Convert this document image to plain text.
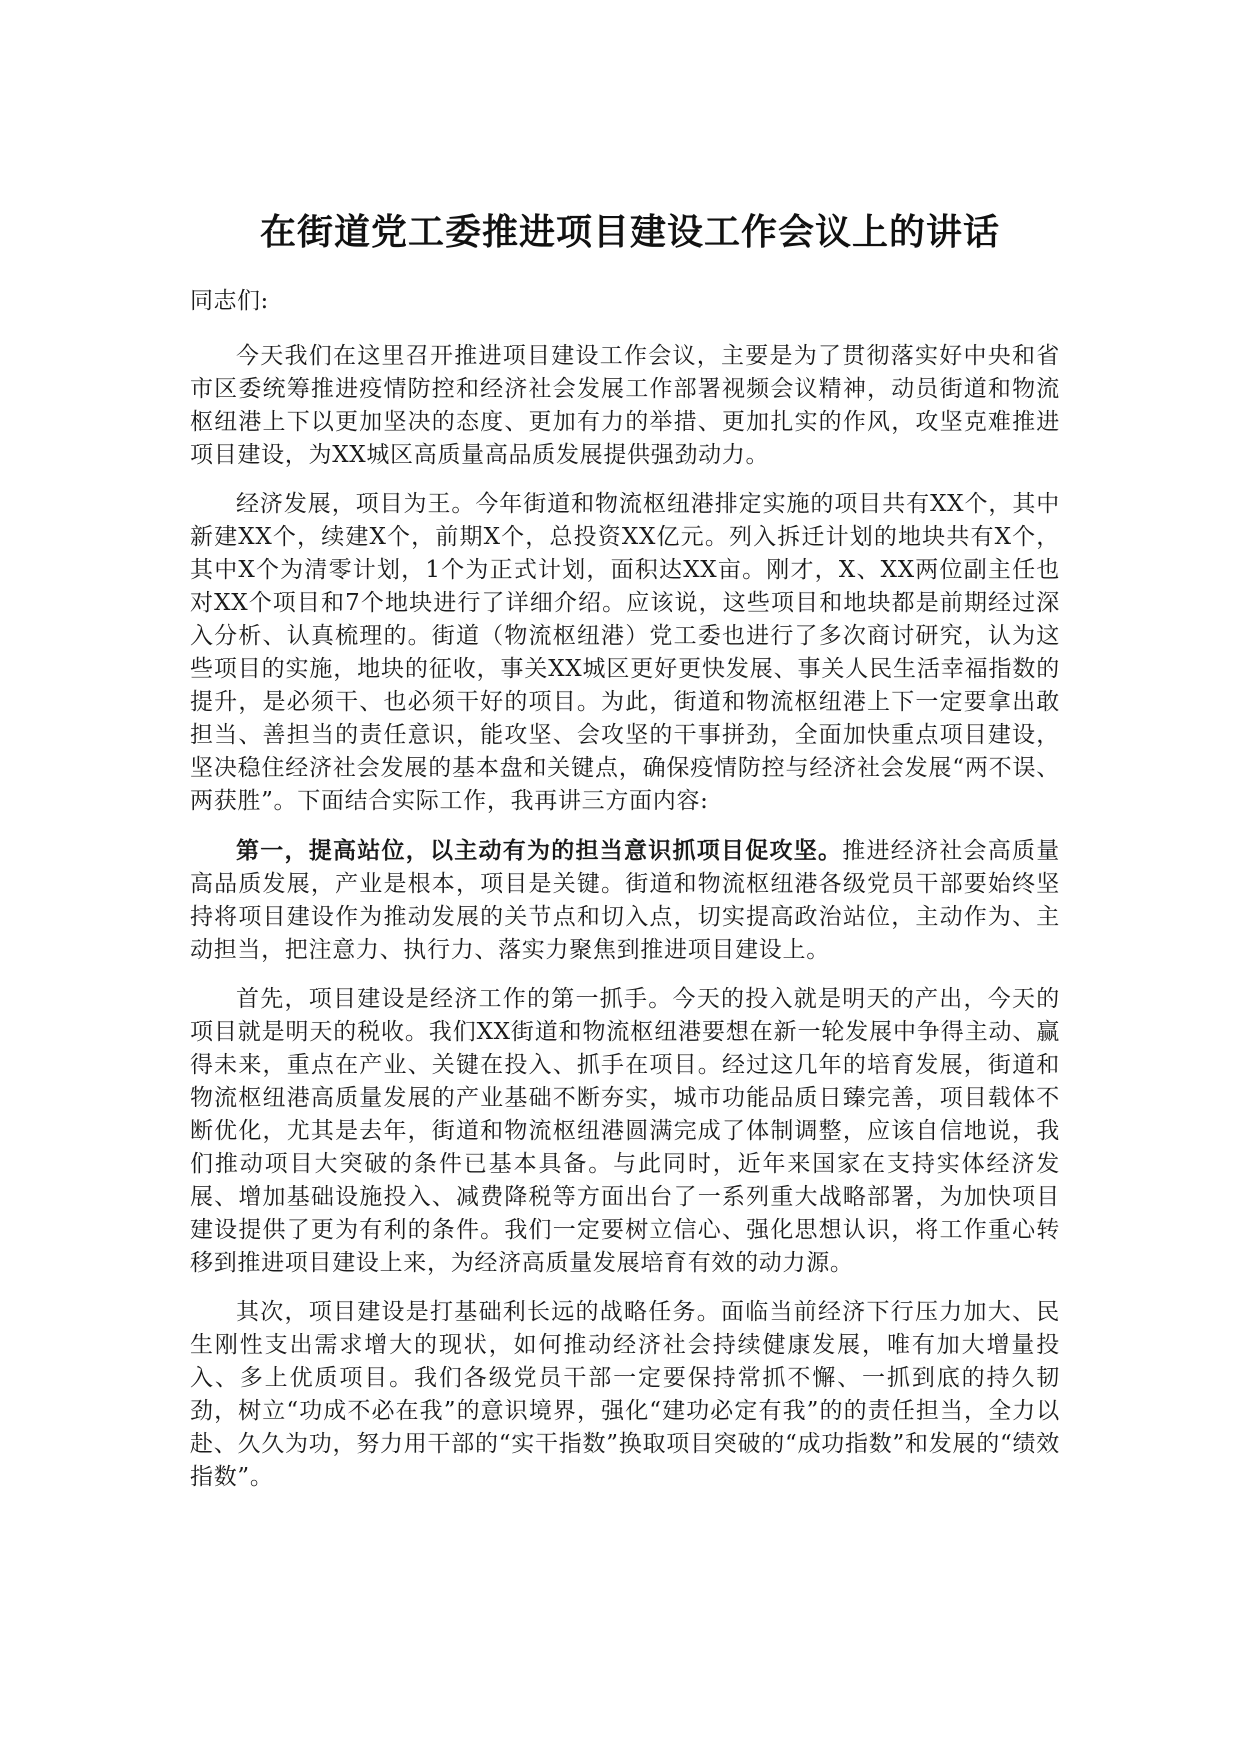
在街道党工委推进项目建设工作会议上的讲话

同志们:

今天我们在这里召开推进项目建设工作会议，主要是为了贯彻落实好中央和省市区委统筹推进疫情防控和经济社会发展工作部署视频会议精神，动员街道和物流枢纽港上下以更加坚决的态度、更加有力的举措、更加扎实的作风，攻坚克难推进项目建设，为XX城区高质量高品质发展提供强劲动力。

经济发展，项目为王。今年街道和物流枢纽港排定实施的项目共有XX个，其中新建XX个，续建X个，前期X个，总投资XX亿元。列入拆迁计划的地块共有X个，其中X个为清零计划，1个为正式计划，面积达XX亩。刚才，X、XX两位副主任也对XX个项目和7个地块进行了详细介绍。应该说，这些项目和地块都是前期经过深入分析、认真梳理的。街道（物流枢纽港）党工委也进行了多次商讨研究，认为这些项目的实施，地块的征收，事关XX城区更好更快发展、事关人民生活幸福指数的提升，是必须干、也必须干好的项目。为此，街道和物流枢纽港上下一定要拿出敢担当、善担当的责任意识，能攻坚、会攻坚的干事拼劲，全面加快重点项目建设，坚决稳住经济社会发展的基本盘和关键点，确保疫情防控与经济社会发展“两不误、两获胜”。下面结合实际工作，我再讲三方面内容:

第一，提高站位，以主动有为的担当意识抓项目促攻坚。推进经济社会高质量高品质发展，产业是根本，项目是关键。街道和物流枢纽港各级党员干部要始终坚持将项目建设作为推动发展的关节点和切入点，切实提高政治站位，主动作为、主动担当，把注意力、执行力、落实力聚焦到推进项目建设上。

首先，项目建设是经济工作的第一抓手。今天的投入就是明天的产出，今天的项目就是明天的税收。我们XX街道和物流枢纽港要想在新一轮发展中争得主动、赢得未来，重点在产业、关键在投入、抓手在项目。经过这几年的培育发展，街道和物流枢纽港高质量发展的产业基础不断夯实，城市功能品质日臻完善，项目载体不断优化，尤其是去年，街道和物流枢纽港圆满完成了体制调整，应该自信地说，我们推动项目大突破的条件已基本具备。与此同时，近年来国家在支持实体经济发展、增加基础设施投入、减费降税等方面出台了一系列重大战略部署，为加快项目建设提供了更为有利的条件。我们一定要树立信心、强化思想认识，将工作重心转移到推进项目建设上来，为经济高质量发展培育有效的动力源。

其次，项目建设是打基础利长远的战略任务。面临当前经济下行压力加大、民生刚性支出需求增大的现状，如何推动经济社会持续健康发展，唯有加大增量投入、多上优质项目。我们各级党员干部一定要保持常抓不懈、一抓到底的持久韧劲，树立“功成不必在我”的意识境界，强化“建功必定有我”的的责任担当，全力以赴、久久为功，努力用干部的“实干指数”换取项目突破的“成功指数”和发展的“绩效指数”。
